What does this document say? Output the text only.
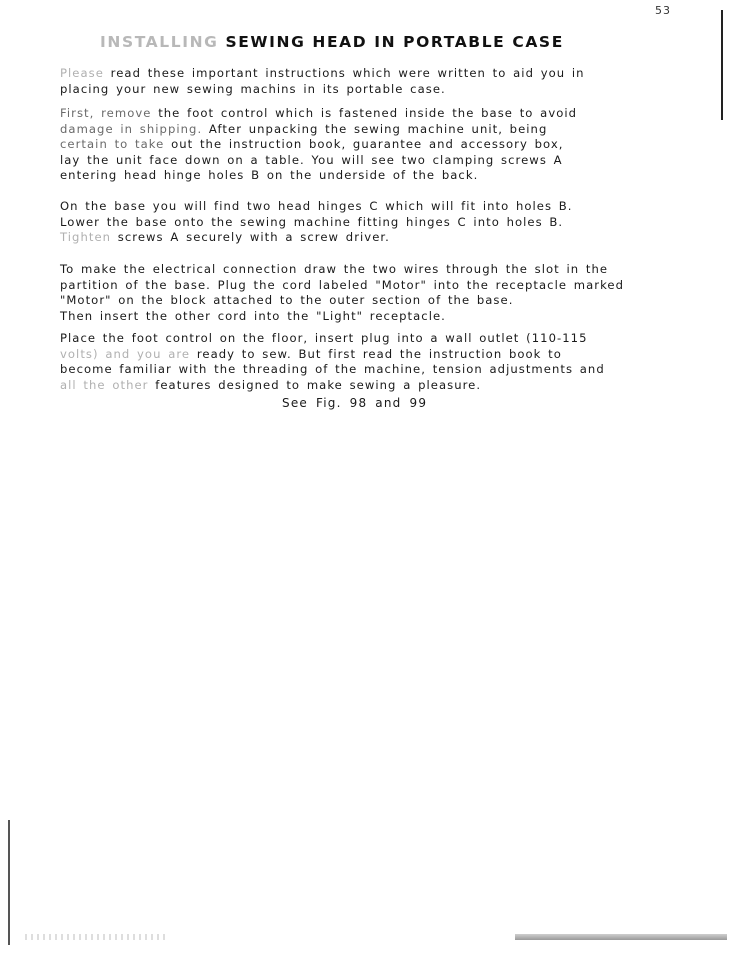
53
INSTALLING SEWING HEAD IN PORTABLE CASE
Please read these important instructions which were written to aid you in
placing your new sewing machins in its portable case.
First, remove the foot control which is fastened inside the base to avoid
damage in shipping. After unpacking the sewing machine unit, being
certain to take out the instruction book, guarantee and accessory box,
lay the unit face down on a table. You will see two clamping screws A
entering head hinge holes B on the underside of the back.
On the base you will find two head hinges C which will fit into holes B.
Lower the base onto the sewing machine fitting hinges C into holes B.
Tighten screws A securely with a screw driver.
To make the electrical connection draw the two wires through the slot in the
partition of the base. Plug the cord labeled "Motor" into the receptacle marked
"Motor" on the block attached to the outer section of the base.
Then insert the other cord into the "Light" receptacle.
Place the foot control on the floor, insert plug into a wall outlet (110-115
volts) and you are ready to sew. But first read the instruction book to
become familiar with the threading of the machine, tension adjustments and
all the other features designed to make sewing a pleasure.
See Fig. 98 and 99
